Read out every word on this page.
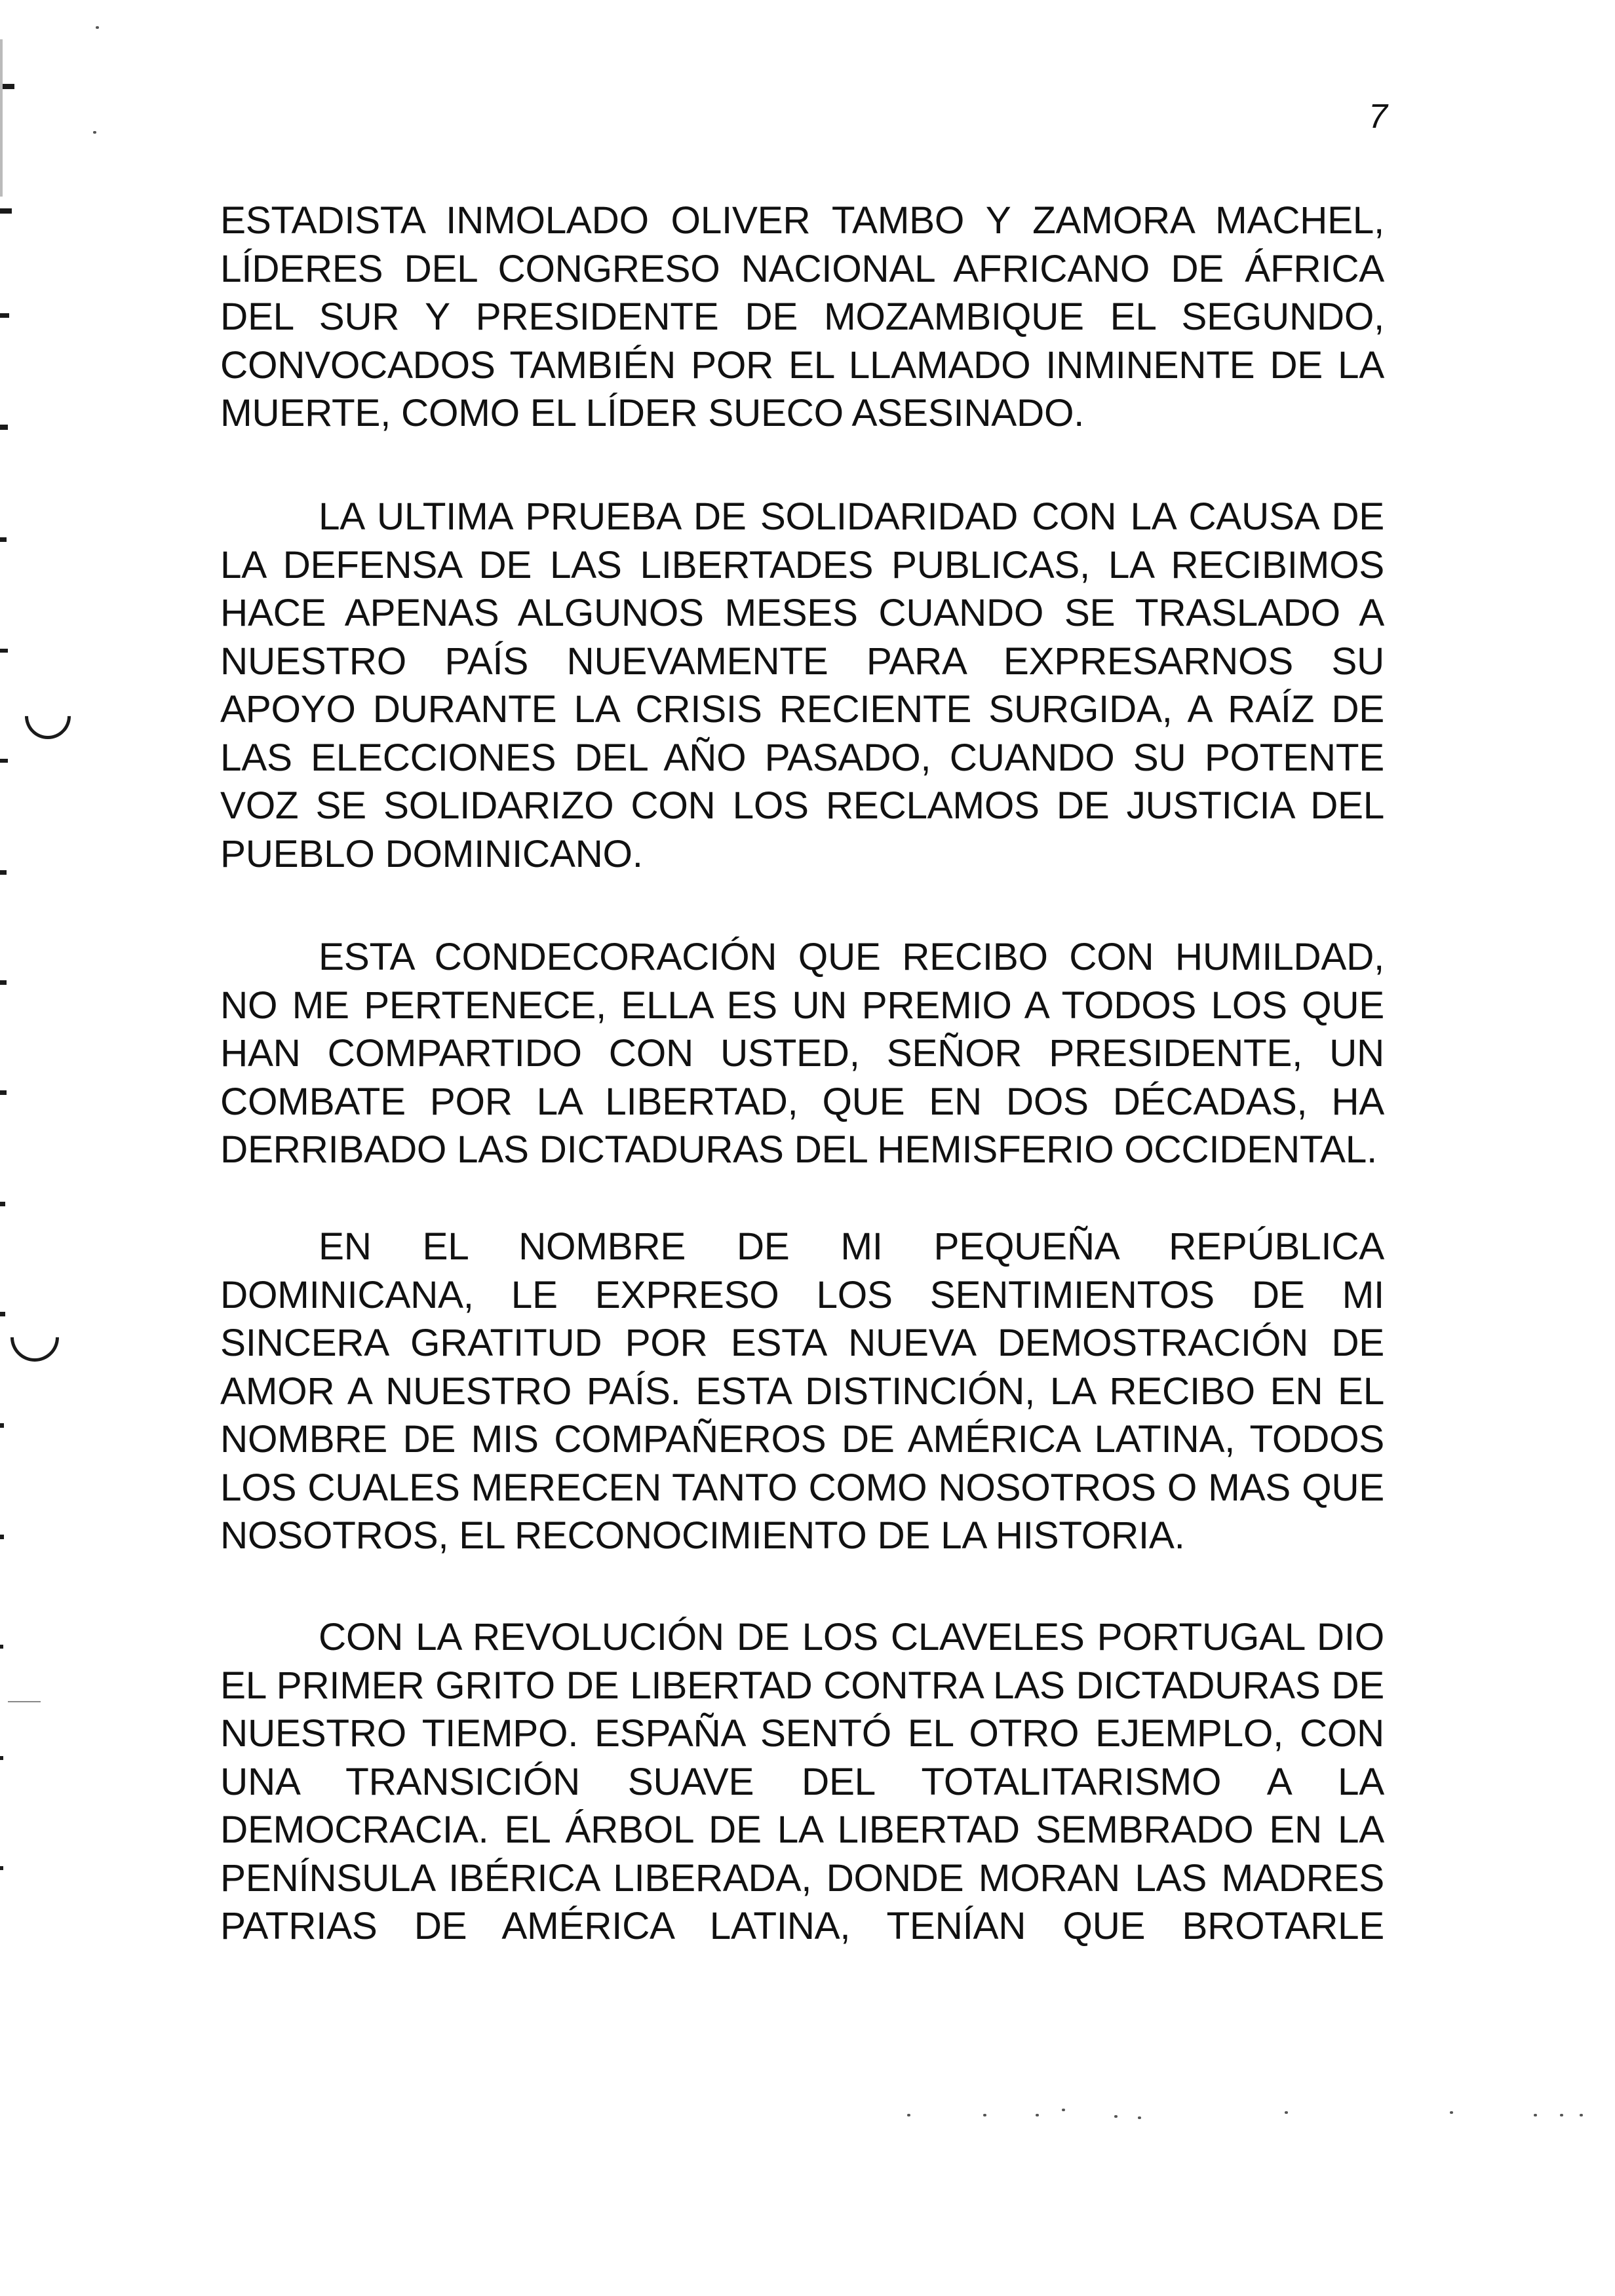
7

ESTADISTA INMOLADO OLIVER TAMBO Y ZAMORA MACHEL, LÍDERES DEL CONGRESO NACIONAL AFRICANO DE ÁFRICA DEL SUR Y PRESIDENTE DE MOZAMBIQUE EL SEGUNDO, CONVOCADOS TAMBIÉN POR EL LLAMADO INMINENTE DE LA MUERTE, COMO EL LÍDER SUECO ASESINADO.

LA ULTIMA PRUEBA DE SOLIDARIDAD CON LA CAUSA DE LA DEFENSA DE LAS LIBERTADES PUBLICAS, LA RECIBIMOS HACE APENAS ALGUNOS MESES CUANDO SE TRASLADO A NUESTRO PAÍS NUEVAMENTE PARA EXPRESARNOS SU APOYO DURANTE LA CRISIS RECIENTE SURGIDA, A RAÍZ DE LAS ELECCIONES DEL AÑO PASADO, CUANDO SU POTENTE VOZ SE SOLIDARIZO CON LOS RECLAMOS DE JUSTICIA DEL PUEBLO DOMINICANO.

ESTA CONDECORACIÓN QUE RECIBO CON HUMILDAD, NO ME PERTENECE, ELLA ES UN PREMIO A TODOS LOS QUE HAN COMPARTIDO CON USTED, SEÑOR PRESIDENTE, UN COMBATE POR LA LIBERTAD, QUE EN DOS DÉCADAS, HA DERRIBADO LAS DICTADURAS DEL HEMISFERIO OCCIDENTAL.

EN EL NOMBRE DE MI PEQUEÑA REPÚBLICA DOMINICANA, LE EXPRESO LOS SENTIMIENTOS DE MI SINCERA GRATITUD POR ESTA NUEVA DEMOSTRACIÓN DE AMOR A NUESTRO PAÍS. ESTA DISTINCIÓN, LA RECIBO EN EL NOMBRE DE MIS COMPAÑEROS DE AMÉRICA LATINA, TODOS LOS CUALES MERECEN TANTO COMO NOSOTROS O MAS QUE NOSOTROS, EL RECONOCIMIENTO DE LA HISTORIA.

CON LA REVOLUCIÓN DE LOS CLAVELES PORTUGAL DIO EL PRIMER GRITO DE LIBERTAD CONTRA LAS DICTADURAS DE NUESTRO TIEMPO. ESPAÑA SENTÓ EL OTRO EJEMPLO, CON UNA TRANSICIÓN SUAVE DEL TOTALITARISMO A LA DEMOCRACIA. EL ÁRBOL DE LA LIBERTAD SEMBRADO EN LA PENÍNSULA IBÉRICA LIBERADA, DONDE MORAN LAS MADRES PATRIAS DE AMÉRICA LATINA, TENÍAN QUE BROTARLE
